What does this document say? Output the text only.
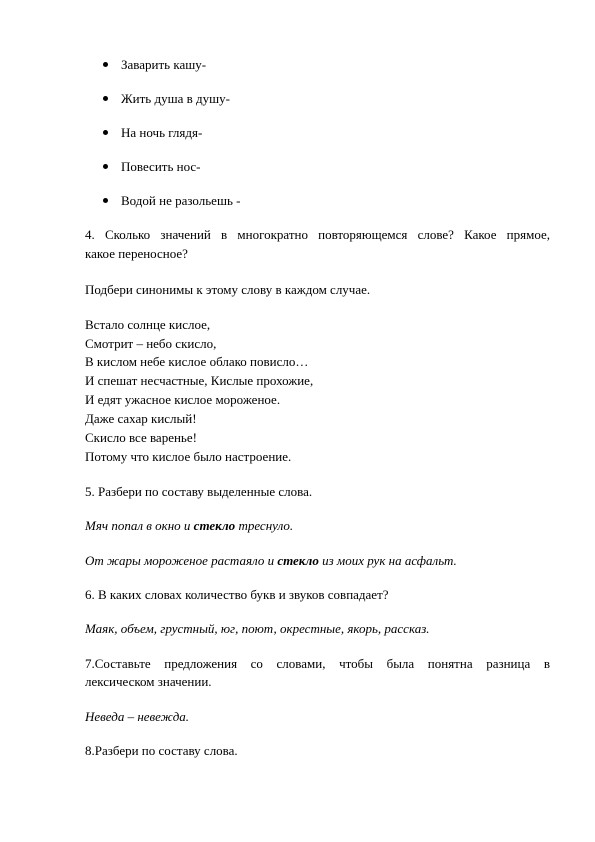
Заварить кашу-
Жить душа в душу-
На ночь глядя-
Повесить нос-
Водой не разольешь -
4. Сколько значений в многократно повторяющемся слове? Какое прямое,
какое переносное?
Подбери синонимы к этому слову в каждом случае.
Встало солнце кислое,
Смотрит – небо скисло,
В кислом небе кислое облако повисло…
И спешат несчастные, Кислые прохожие,
И едят ужасное кислое мороженое.
Даже сахар кислый!
Скисло все варенье!
Потому что кислое было настроение.
5. Разбери по составу выделенные слова.
Мяч попал в окно и стекло треснуло.
От жары мороженое растаяло и стекло из моих рук на асфальт.
6. В каких словах количество букв и звуков совпадает?
Маяк, объем, грустный, юг, поют, окрестные, якорь, рассказ.
7.Составьте предложения со словами, чтобы была понятна разница в
лексическом значении.
Неведа – невежда.
8.Разбери по составу слова.
